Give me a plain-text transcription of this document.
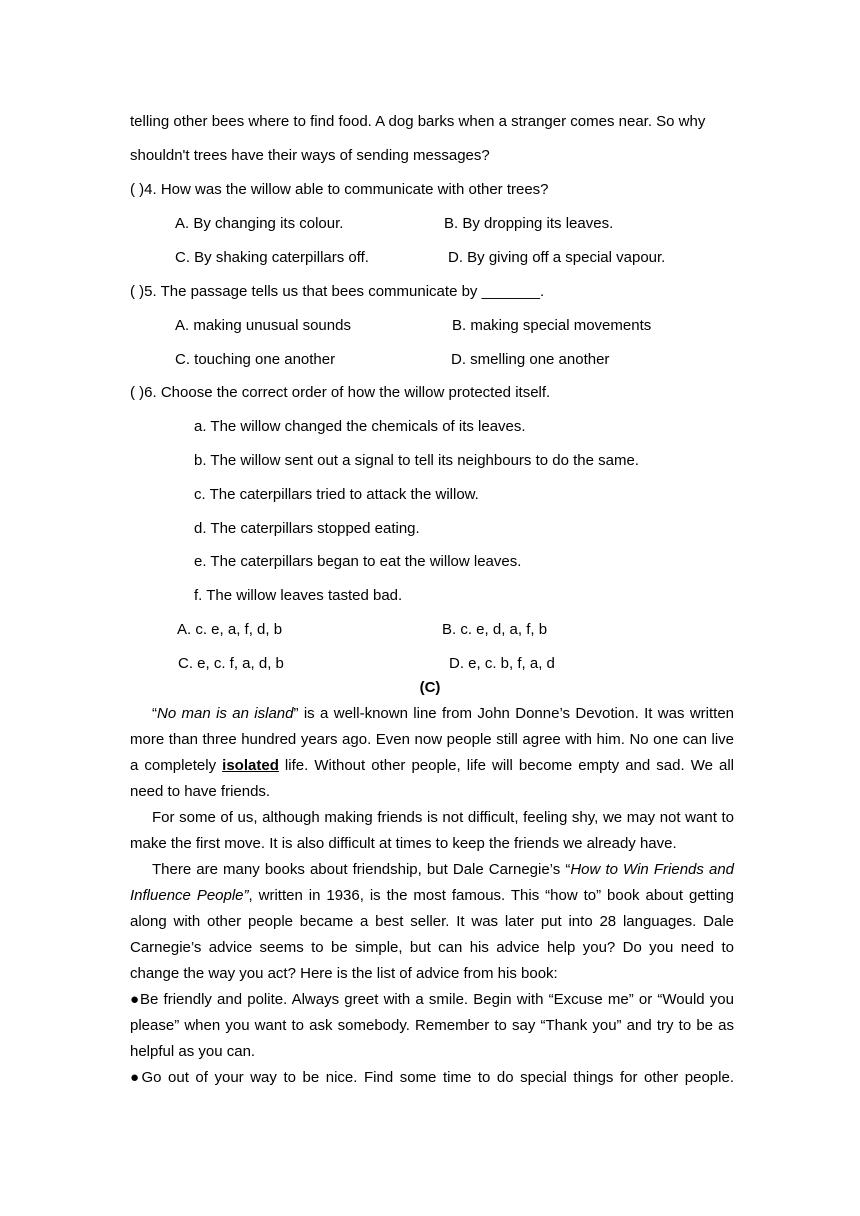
telling other bees where to find food. A dog barks when a stranger comes near. So why
shouldn't trees have their ways of sending messages?
( )4. How was the willow able to communicate with other trees?
A. By changing its colour.	B. By dropping its leaves.
C. By shaking caterpillars off.	D. By giving off a special vapour.
( )5. The passage tells us that bees communicate by _______.
A. making unusual sounds	B. making special movements
C. touching one another	D. smelling one another
( )6. Choose the correct order of how the willow protected itself.
a. The willow changed the chemicals of its leaves.
b. The willow sent out a signal to tell its neighbours to do the same.
c. The caterpillars tried to attack the willow.
d. The caterpillars stopped eating.
e. The caterpillars began to eat the willow leaves.
f. The willow leaves tasted bad.
A. c. e, a, f, d, b	B. c. e, d, a, f, b
C. e, c. f, a, d, b	D. e, c. b, f, a, d
(C)

“No man is an island” is a well-known line from John Donne’s Devotion. It was written more than three hundred years ago. Even now people still agree with him. No one can live a completely isolated life. Without other people, life will become empty and sad. We all need to have friends.

For some of us, although making friends is not difficult, feeling shy, we may not want to make the first move. It is also difficult at times to keep the friends we already have.

There are many books about friendship, but Dale Carnegie’s “How to Win Friends and Influence People”, written in 1936, is the most famous. This “how to” book about getting along with other people became a best seller. It was later put into 28 languages. Dale Carnegie’s advice seems to be simple, but can his advice help you? Do you need to change the way you act? Here is the list of advice from his book:

●Be friendly and polite. Always greet with a smile. Begin with “Excuse me” or “Would you please” when you want to ask somebody. Remember to say “Thank you” and try to be as helpful as you can.

●Go out of your way to be nice. Find some time to do special things for other people.
